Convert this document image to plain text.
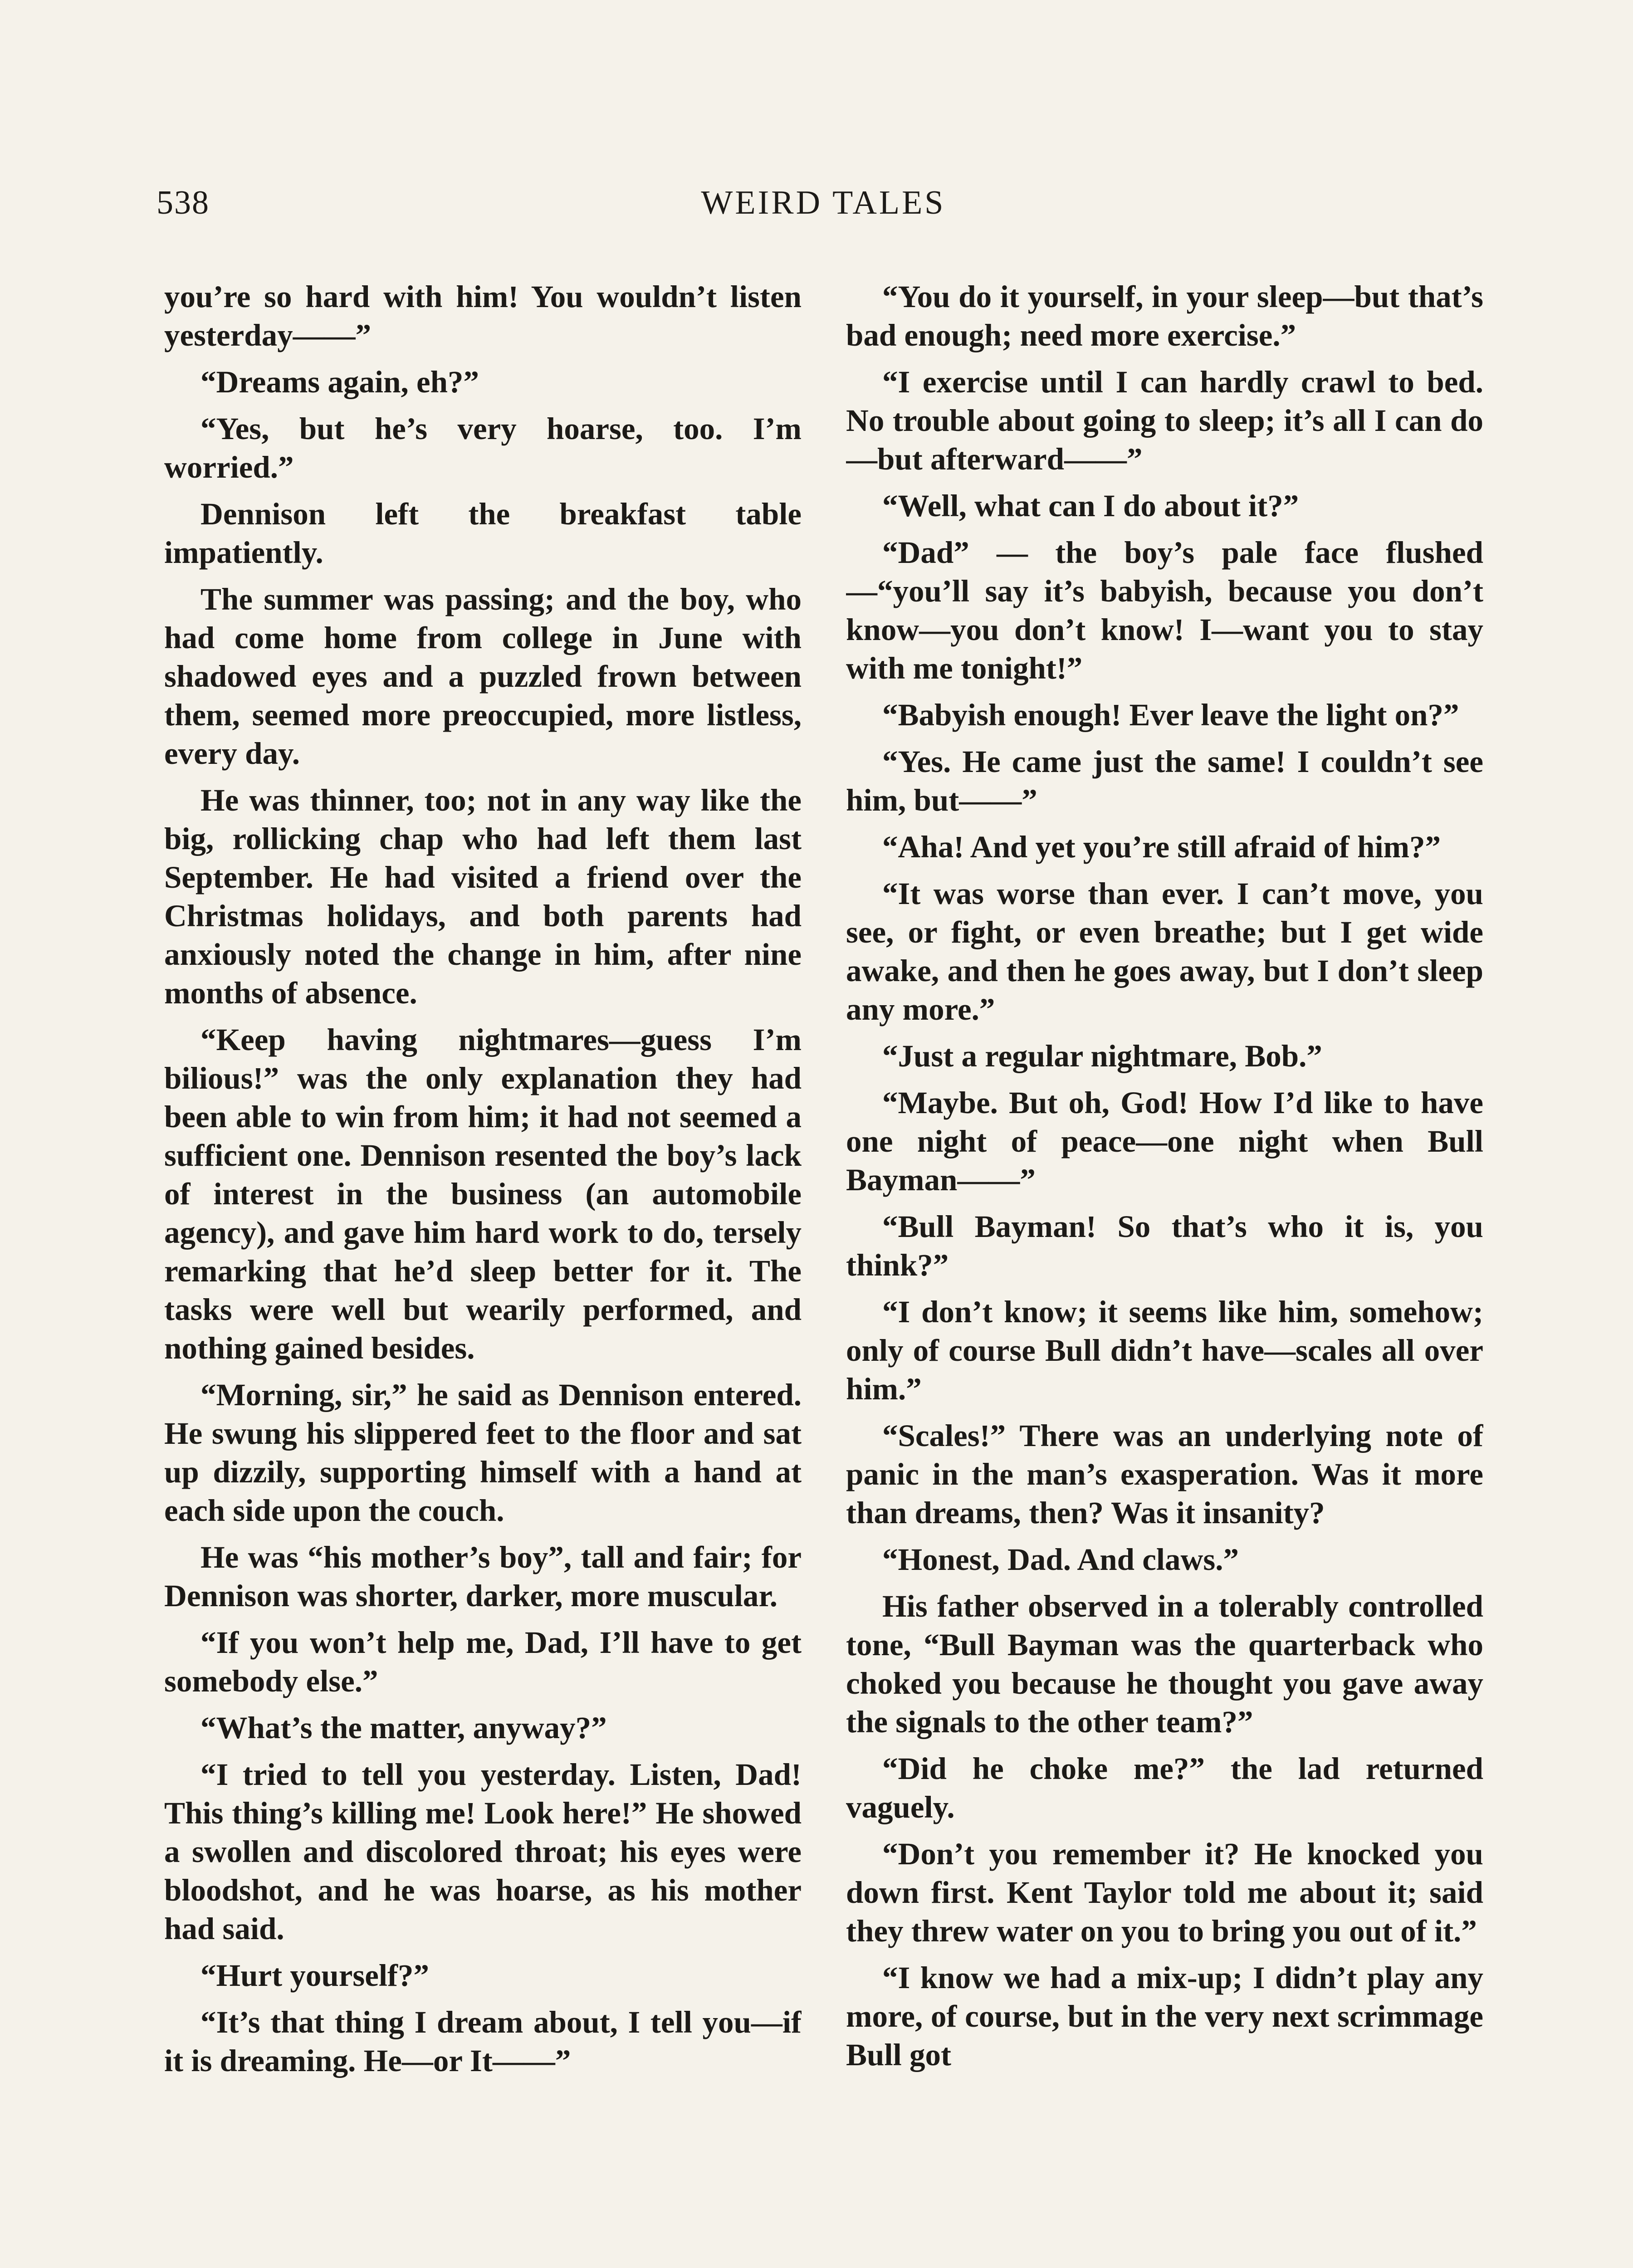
538	WEIRD TALES

you’re so hard with him! You wouldn’t listen yesterday——”

“Dreams again, eh?”

“Yes, but he’s very hoarse, too. I’m worried.”

Dennison left the breakfast table impatiently.

The summer was passing; and the boy, who had come home from college in June with shadowed eyes and a puzzled frown between them, seemed more preoccupied, more listless, every day.

He was thinner, too; not in any way like the big, rollicking chap who had left them last September. He had visited a friend over the Christmas holidays, and both parents had anxiously noted the change in him, after nine months of absence.

“Keep having nightmares—guess I’m bilious!” was the only explanation they had been able to win from him; it had not seemed a sufficient one. Dennison resented the boy’s lack of interest in the business (an automobile agency), and gave him hard work to do, tersely remarking that he’d sleep better for it. The tasks were well but wearily performed, and nothing gained besides.

“Morning, sir,” he said as Dennison entered. He swung his slippered feet to the floor and sat up dizzily, supporting himself with a hand at each side upon the couch.

He was “his mother’s boy”, tall and fair; for Dennison was shorter, darker, more muscular.

“If you won’t help me, Dad, I’ll have to get somebody else.”

“What’s the matter, anyway?”

“I tried to tell you yesterday. Listen, Dad! This thing’s killing me! Look here!” He showed a swollen and discolored throat; his eyes were bloodshot, and he was hoarse, as his mother had said.

“Hurt yourself?”

“It’s that thing I dream about, I tell you—if it is dreaming. He—or It——”

“You do it yourself, in your sleep—but that’s bad enough; need more exercise.”

“I exercise until I can hardly crawl to bed. No trouble about going to sleep; it’s all I can do—but afterward——”

“Well, what can I do about it?”

“Dad” — the boy’s pale face flushed—“you’ll say it’s babyish, because you don’t know—you don’t know! I—want you to stay with me tonight!”

“Babyish enough! Ever leave the light on?”

“Yes. He came just the same! I couldn’t see him, but——”

“Aha! And yet you’re still afraid of him?”

“It was worse than ever. I can’t move, you see, or fight, or even breathe; but I get wide awake, and then he goes away, but I don’t sleep any more.”

“Just a regular nightmare, Bob.”

“Maybe. But oh, God! How I’d like to have one night of peace—one night when Bull Bayman——”

“Bull Bayman! So that’s who it is, you think?”

“I don’t know; it seems like him, somehow; only of course Bull didn’t have—scales all over him.”

“Scales!” There was an underlying note of panic in the man’s exasperation. Was it more than dreams, then? Was it insanity?

“Honest, Dad. And claws.”

His father observed in a tolerably controlled tone, “Bull Bayman was the quarterback who choked you because he thought you gave away the signals to the other team?”

“Did he choke me?” the lad returned vaguely.

“Don’t you remember it? He knocked you down first. Kent Taylor told me about it; said they threw water on you to bring you out of it.”

“I know we had a mix-up; I didn’t play any more, of course, but in the very next scrimmage Bull got
